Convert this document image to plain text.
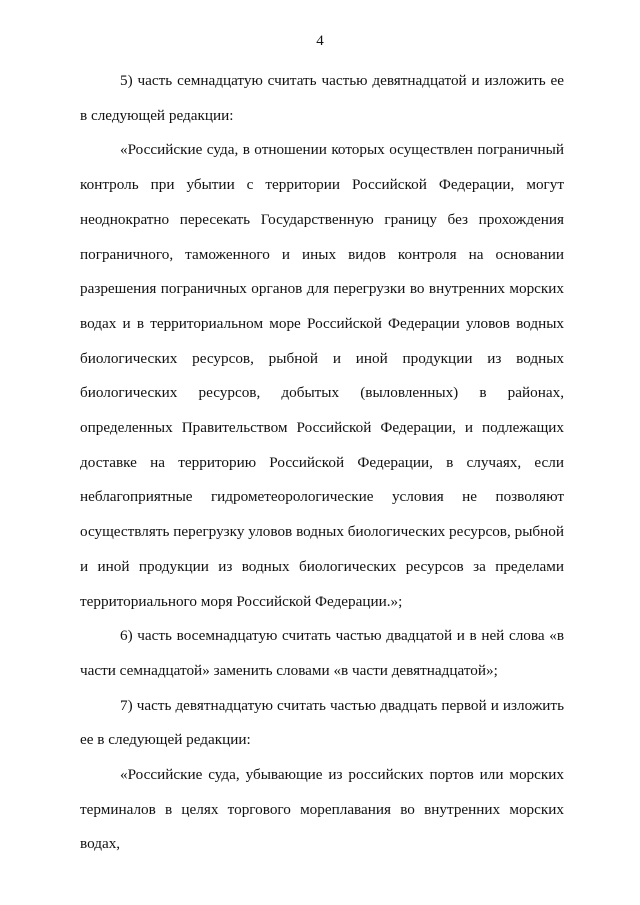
4

5) часть семнадцатую считать частью девятнадцатой и изложить ее в следующей редакции:

«Российские суда, в отношении которых осуществлен пограничный контроль при убытии с территории Российской Федерации, могут неоднократно пересекать Государственную границу без прохождения пограничного, таможенного и иных видов контроля на основании разрешения пограничных органов для перегрузки во внутренних морских водах и в территориальном море Российской Федерации уловов водных биологических ресурсов, рыбной и иной продукции из водных биологических ресурсов, добытых (выловленных) в районах, определенных Правительством Российской Федерации, и подлежащих доставке на территорию Российской Федерации, в случаях, если неблагоприятные гидрометеорологические условия не позволяют осуществлять перегрузку уловов водных биологических ресурсов, рыбной и иной продукции из водных биологических ресурсов за пределами территориального моря Российской Федерации.»;

6) часть восемнадцатую считать частью двадцатой и в ней слова «в части семнадцатой» заменить словами «в части девятнадцатой»;

7) часть девятнадцатую считать частью двадцать первой и изложить ее в следующей редакции:

«Российские суда, убывающие из российских портов или морских терминалов в целях торгового мореплавания во внутренних морских водах,
